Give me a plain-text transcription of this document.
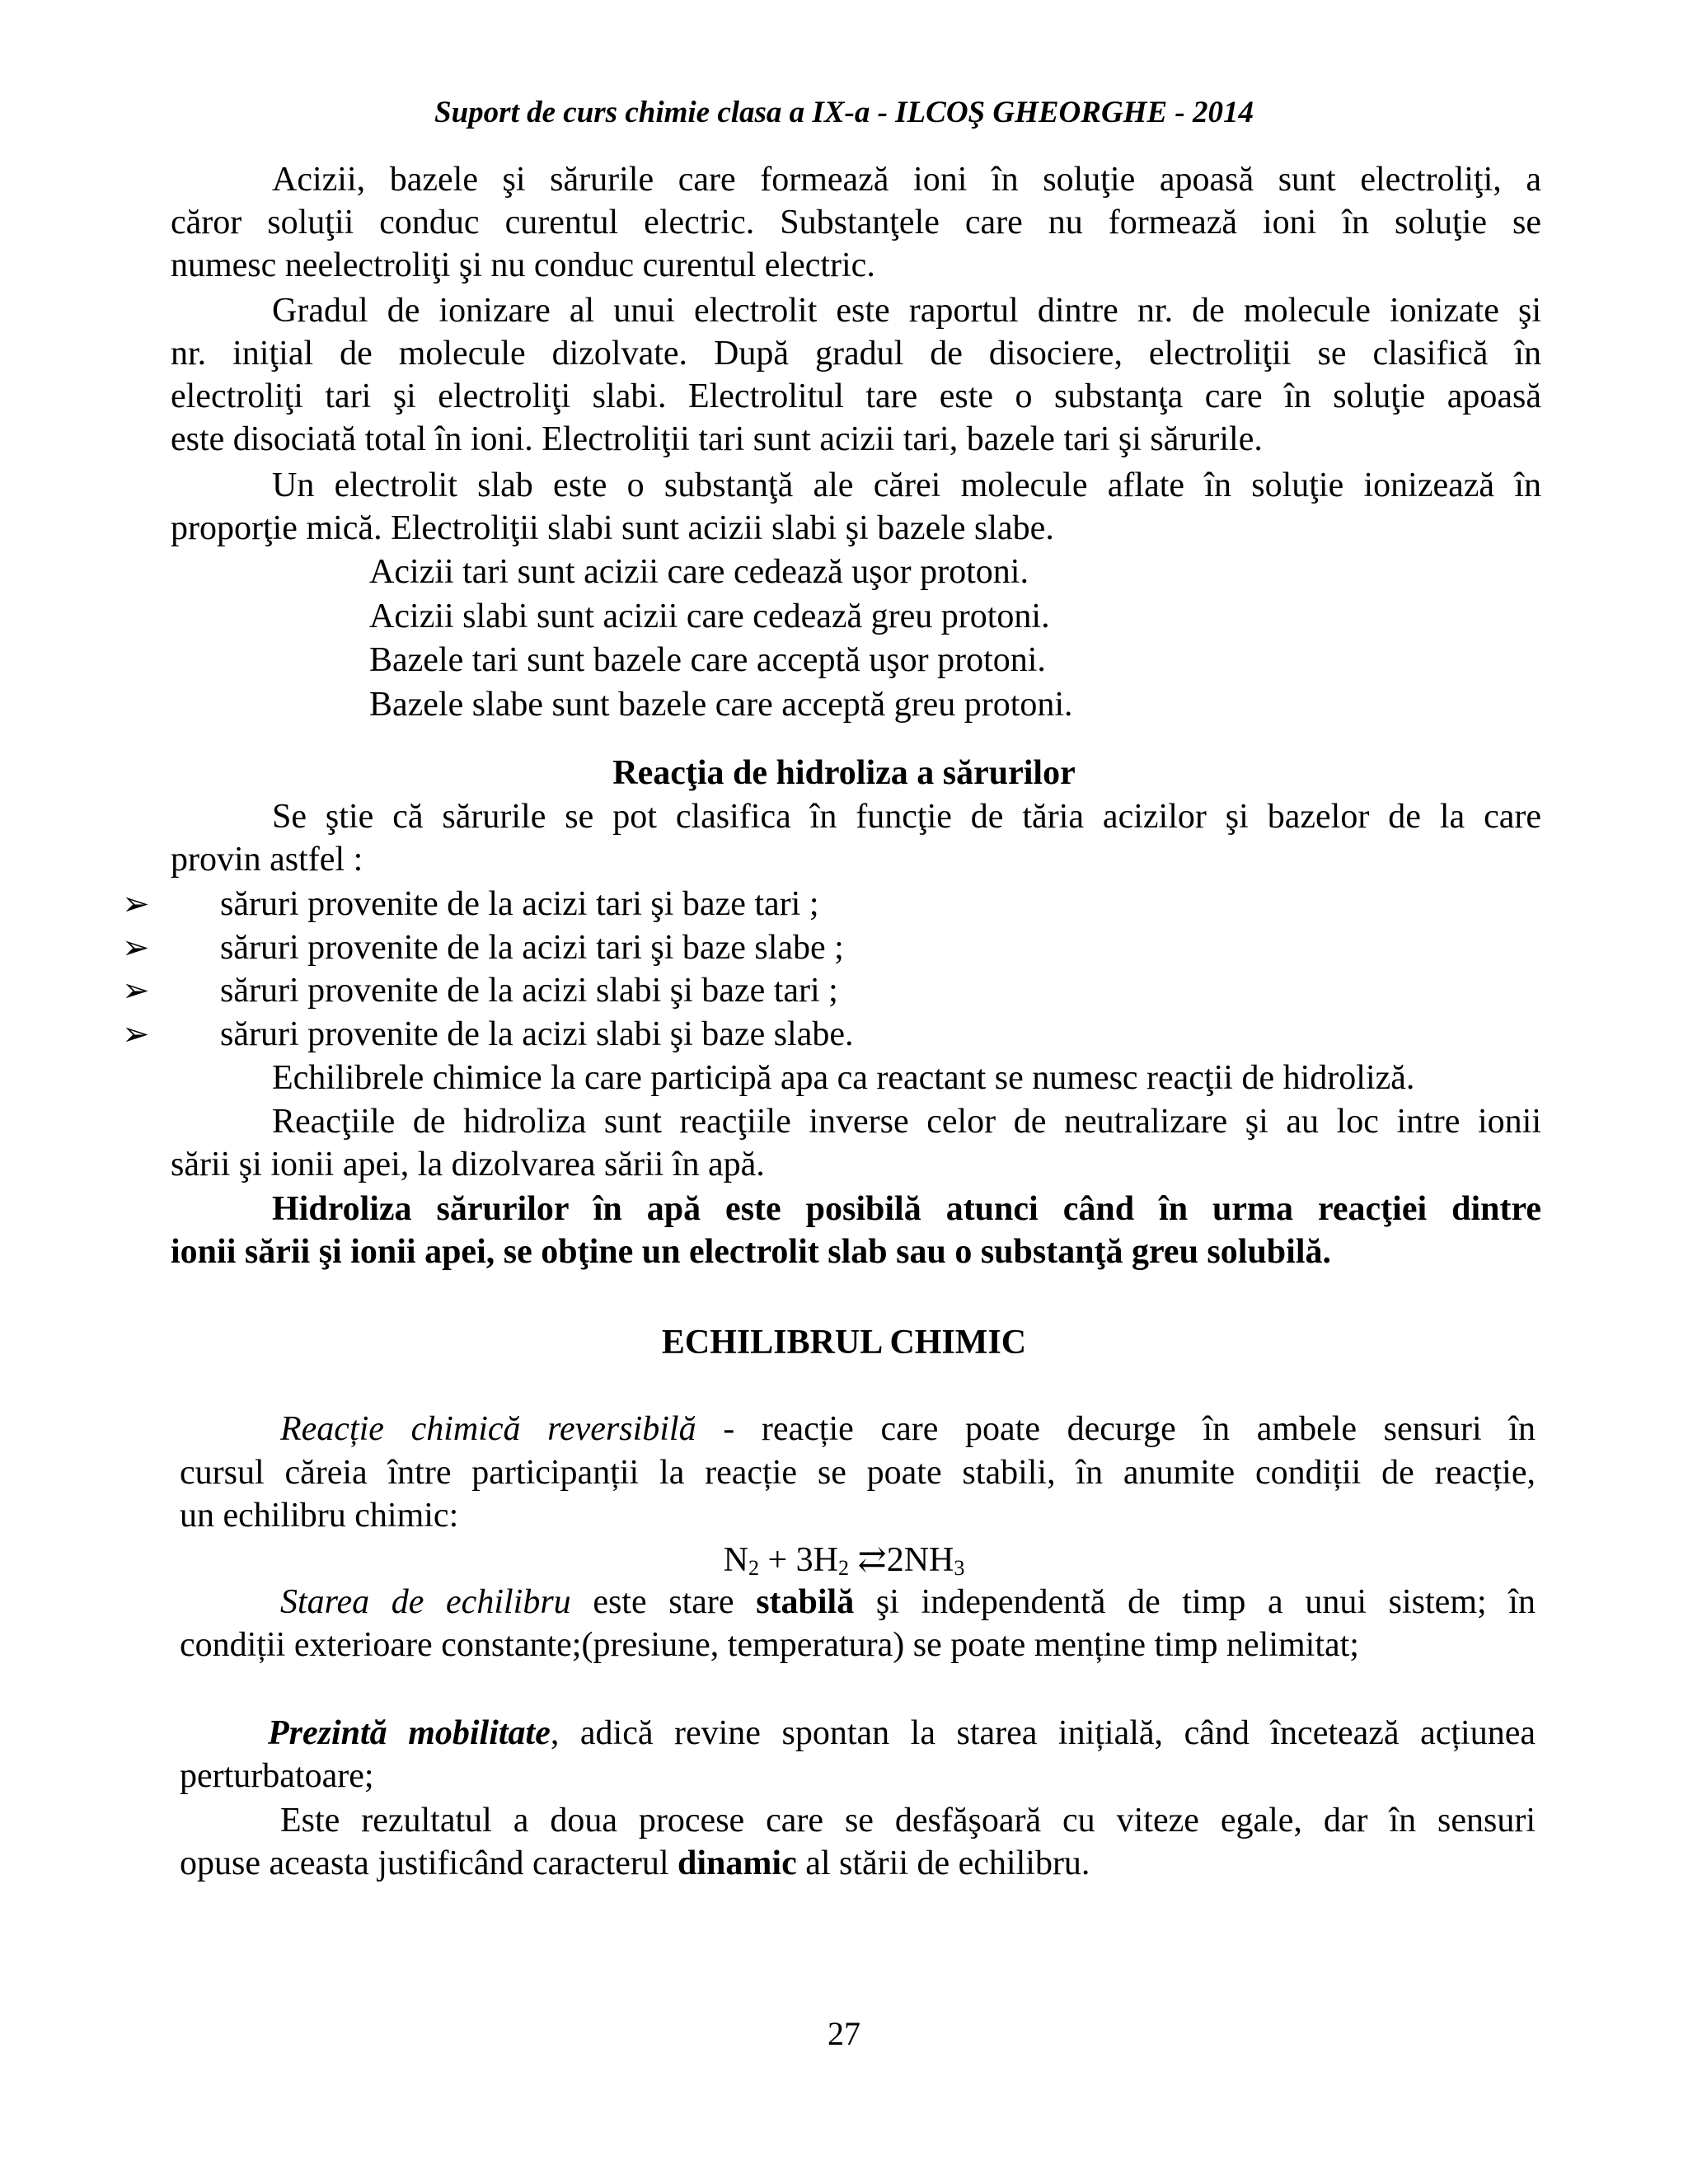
Suport de curs chimie clasa a IX-a - ILCOŞ GHEORGHE - 2014
Acizii, bazele şi sărurile care formează ioni în soluţie apoasă sunt electroliţi, a
căror soluţii conduc curentul electric. Substanţele care nu formează ioni în soluţie se
numesc neelectroliţi şi nu conduc curentul electric.
Gradul de ionizare al unui electrolit este raportul dintre nr. de molecule ionizate şi
nr. iniţial de molecule dizolvate. După gradul de disociere, electroliţii se clasifică în
electroliţi tari şi electroliţi slabi. Electrolitul tare este o substanţa care în soluţie apoasă
este disociată total în ioni. Electroliţii tari sunt acizii tari, bazele tari şi sărurile.
Un electrolit slab este o substanţă ale cărei molecule aflate în soluţie ionizează în
proporţie mică. Electroliţii slabi sunt acizii slabi şi bazele slabe.
Acizii tari sunt acizii care cedează uşor protoni.
Acizii slabi sunt acizii care cedează greu protoni.
Bazele tari sunt bazele care acceptă uşor protoni.
Bazele slabe sunt bazele care acceptă greu protoni.
Reacţia de hidroliza a sărurilor
Se ştie că sărurile se pot clasifica în funcţie de tăria acizilor şi bazelor de la care
provin astfel :
➢ săruri provenite de la acizi tari şi baze tari ;
➢ săruri provenite de la acizi tari şi baze slabe ;
➢ săruri provenite de la acizi slabi şi baze tari ;
➢ săruri provenite de la acizi slabi şi baze slabe.
Echilibrele chimice la care participă apa ca reactant se numesc reacţii de hidroliză.
Reacţiile de hidroliza sunt reacţiile inverse celor de neutralizare şi au loc intre ionii
sării şi ionii apei, la dizolvarea sării în apă.
Hidroliza sărurilor în apă este posibilă atunci când în urma reacţiei dintre
ionii sării şi ionii apei, se obţine un electrolit slab sau o substanţă greu solubilă.
ECHILIBRUL CHIMIC
Reacție chimică reversibilă - reacție care poate decurge în ambele sensuri în
cursul căreia între participanții la reacție se poate stabili, în anumite condiții de reacție,
un echilibru chimic:
$N_2 + 3H_2$ $⇄2NH_3$
Starea de echilibru este stare stabilă şi independentă de timp a unui sistem; în
condiții exterioare constante;(presiune, temperatura) se poate menține timp nelimitat;
Prezintă mobilitate, adică revine spontan la starea inițială, când încetează acțiunea
perturbatoare;
Este rezultatul a doua procese care se desfăşoară cu viteze egale, dar în sensuri
opuse aceasta justificând caracterul dinamic al stării de echilibru.
27
